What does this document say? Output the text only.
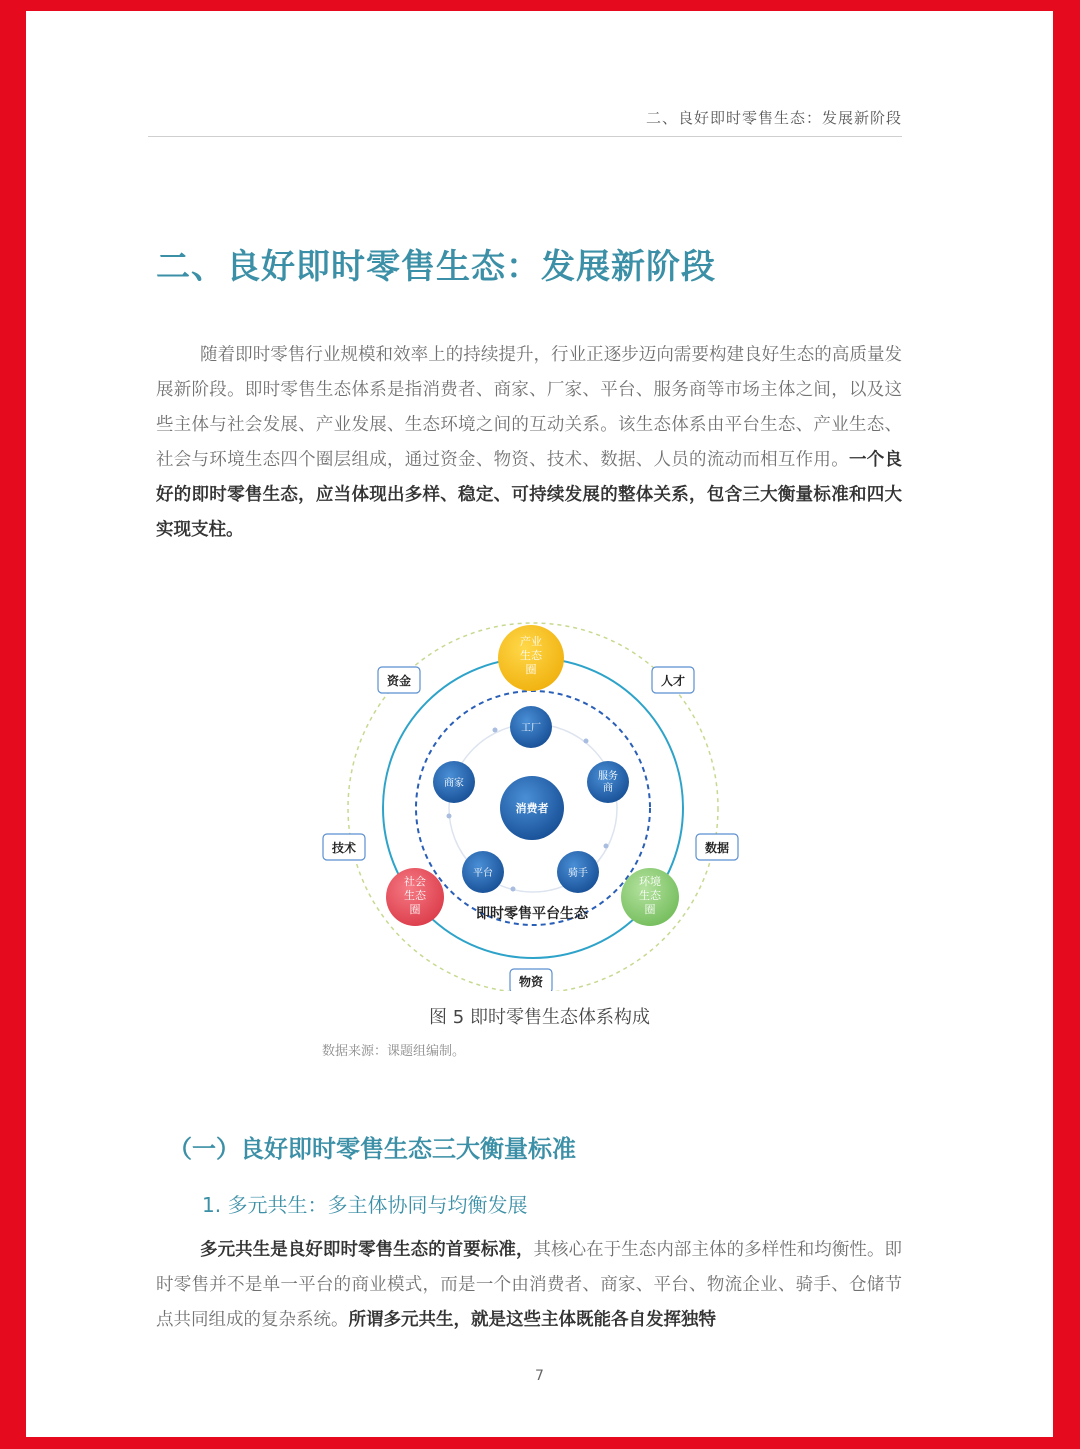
二、良好即时零售生态：发展新阶段
二、良好即时零售生态：发展新阶段

随着即时零售行业规模和效率上的持续提升，行业正逐步迈向需要构建良好生态的高质量发展新阶段。即时零售生态体系是指消费者、商家、厂家、平台、服务商等市场主体之间，以及这些主体与社会发展、产业发展、生态环境之间的互动关系。该生态体系由平台生态、产业生态、社会与环境生态四个圈层组成，通过资金、物资、技术、数据、人员的流动而相互作用。一个良好的即时零售生态，应当体现出多样、稳定、可持续发展的整体关系，包含三大衡量标准和四大实现支柱。

消费者
工厂
服务商
骑手
平台
商家
即时零售平台生态
产业生态圈
社会生态圈
环境生态圈
资金	人才
技术	数据
物资
图 5 即时零售生态体系构成
数据来源：课题组编制。
（一）良好即时零售生态三大衡量标准
1. 多元共生：多主体协同与均衡发展

多元共生是良好即时零售生态的首要标准，其核心在于生态内部主体的多样性和均衡性。即时零售并不是单一平台的商业模式，而是一个由消费者、商家、平台、物流企业、骑手、仓储节点共同组成的复杂系统。所谓多元共生，就是这些主体既能各自发挥独特

7
